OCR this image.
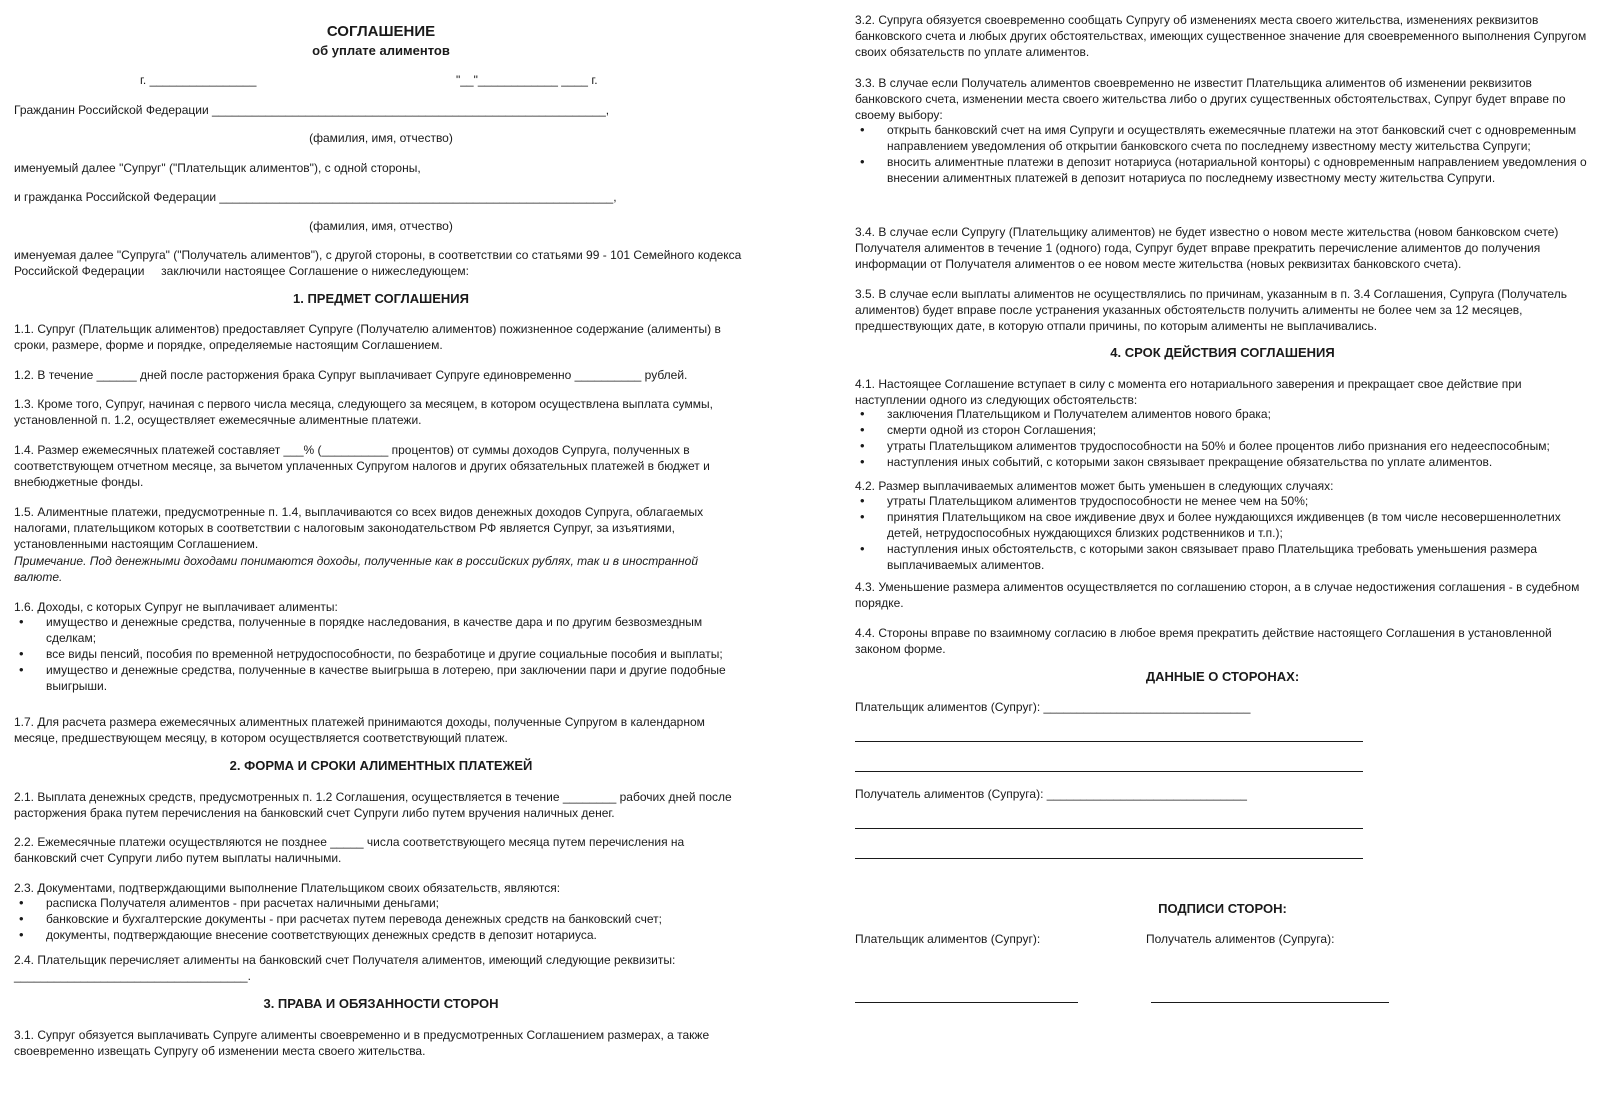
СОГЛАШЕНИЕ
об уплате алиментов
г. ________________	"__"____________ ____ г.
Гражданин Российской Федерации ___________________________________________________________,
(фамилия, имя, отчество)
именуемый далее "Супруг" ("Плательщик алиментов"), с одной стороны,
и гражданка Российской Федерации ___________________________________________________________,
(фамилия, имя, отчество)

именуемая далее "Супруга" ("Получатель алиментов"), с другой стороны, в соответствии со статьями 99 - 101 Семейного кодекса Российской Федерации     заключили настоящее Соглашение о нижеследующем:

1. ПРЕДМЕТ СОГЛАШЕНИЯ

1.1. Супруг (Плательщик алиментов) предоставляет Супруге (Получателю алиментов) пожизненное содержание (алименты) в сроки, размере, форме и порядке, определяемые настоящим Соглашением.

1.2. В течение ______ дней после расторжения брака Супруг выплачивает Супруге единовременно __________ рублей.

1.3. Кроме того, Супруг, начиная с первого числа месяца, следующего за месяцем, в котором осуществлена выплата суммы, установленной п. 1.2, осуществляет ежемесячные алиментные платежи.

1.4. Размер ежемесячных платежей составляет ___% (__________ процентов) от суммы доходов Супруга, полученных в соответствующем отчетном месяце, за вычетом уплаченных Супругом налогов и других обязательных платежей в бюджет и внебюджетные фонды.

1.5. Алиментные платежи, предусмотренные п. 1.4, выплачиваются со всех видов денежных доходов Супруга, облагаемых налогами, плательщиком которых в соответствии с налоговым законодательством РФ является Супруг, за изъятиями, установленными настоящим Соглашением.

Примечание. Под денежными доходами понимаются доходы, полученные как в российских рублях, так и в иностранной валюте.

1.6. Доходы, с которых Супруг не выплачивает алименты:

• имущество и денежные средства, полученные в порядке наследования, в качестве дара и по другим безвозмездным сделкам;
• все виды пенсий, пособия по временной нетрудоспособности, по безработице и другие социальные пособия и выплаты;
• имущество и денежные средства, полученные в качестве выигрыша в лотерею, при заключении пари и другие подобные выигрыши.

1.7. Для расчета размера ежемесячных алиментных платежей принимаются доходы, полученные Супругом в календарном месяце, предшествующем месяцу, в котором осуществляется соответствующий платеж.

2. ФОРМА И СРОКИ АЛИМЕНТНЫХ ПЛАТЕЖЕЙ

2.1. Выплата денежных средств, предусмотренных п. 1.2 Соглашения, осуществляется в течение ________ рабочих дней после расторжения брака путем перечисления на банковский счет Супруги либо путем вручения наличных денег.

2.2. Ежемесячные платежи осуществляются не позднее _____ числа соответствующего месяца путем перечисления на банковский счет Супруги либо путем выплаты наличными.

2.3. Документами, подтверждающими выполнение Плательщиком своих обязательств, являются:

• расписка Получателя алиментов - при расчетах наличными деньгами;
• банковские и бухгалтерские документы - при расчетах путем перевода денежных средств на банковский счет;
• документы, подтверждающие внесение соответствующих денежных средств в депозит нотариуса.

2.4. Плательщик перечисляет алименты на банковский счет Получателя алиментов, имеющий следующие реквизиты: ___________________________________.

3. ПРАВА И ОБЯЗАННОСТИ СТОРОН

3.1. Супруг обязуется выплачивать Супруге алименты своевременно и в предусмотренных Соглашением размерах, а также своевременно извещать Супругу об изменении места своего жительства.

3.2. Супруга обязуется своевременно сообщать Супругу об изменениях места своего жительства, изменениях реквизитов банковского счета и любых других обстоятельствах, имеющих существенное значение для своевременного выполнения Супругом своих обязательств по уплате алиментов.

3.3. В случае если Получатель алиментов своевременно не известит Плательщика алиментов об изменении реквизитов банковского счета, изменении места своего жительства либо о других существенных обстоятельствах, Супруг будет вправе по своему выбору:

• открыть банковский счет на имя Супруги и осуществлять ежемесячные платежи на этот банковский счет с одновременным направлением уведомления об открытии банковского счета по последнему известному месту жительства Супруги;
• вносить алиментные платежи в депозит нотариуса (нотариальной конторы) с одновременным направлением уведомления о внесении алиментных платежей в депозит нотариуса по последнему известному месту жительства Супруги.

3.4. В случае если Супругу (Плательщику алиментов) не будет известно о новом месте жительства (новом банковском счете) Получателя алиментов в течение 1 (одного) года, Супруг будет вправе прекратить перечисление алиментов до получения информации от Получателя алиментов о ее новом месте жительства (новых реквизитах банковского счета).

3.5. В случае если выплаты алиментов не осуществлялись по причинам, указанным в п. 3.4 Соглашения, Супруга (Получатель алиментов) будет вправе после устранения указанных обстоятельств получить алименты не более чем за 12 месяцев, предшествующих дате, в которую отпали причины, по которым алименты не выплачивались.

4. СРОК ДЕЙСТВИЯ СОГЛАШЕНИЯ

4.1. Настоящее Соглашение вступает в силу с момента его нотариального заверения и прекращает свое действие при наступлении одного из следующих обстоятельств:

• заключения Плательщиком и Получателем алиментов нового брака;
• смерти одной из сторон Соглашения;
• утраты Плательщиком алиментов трудоспособности на 50% и более процентов либо признания его недееспособным;
• наступления иных событий, с которыми закон связывает прекращение обязательства по уплате алиментов.

4.2. Размер выплачиваемых алиментов может быть уменьшен в следующих случаях:

• утраты Плательщиком алиментов трудоспособности не менее чем на 50%;
• принятия Плательщиком на свое иждивение двух и более нуждающихся иждивенцев (в том числе несовершеннолетних детей, нетрудоспособных нуждающихся близких родственников и т.п.);
• наступления иных обстоятельств, с которыми закон связывает право Плательщика требовать уменьшения размера выплачиваемых алиментов.

4.3. Уменьшение размера алиментов осуществляется по соглашению сторон, а в случае недостижения соглашения - в судебном порядке.

4.4. Стороны вправе по взаимному согласию в любое время прекратить действие настоящего Соглашения в установленной законом форме.

ДАННЫЕ О СТОРОНАХ:
Плательщик алиментов (Супруг): _______________________________
Получатель алиментов (Супруга): ______________________________
ПОДПИСИ СТОРОН:
Плательщик алиментов (Супруг):	Получатель алиментов (Супруга):
